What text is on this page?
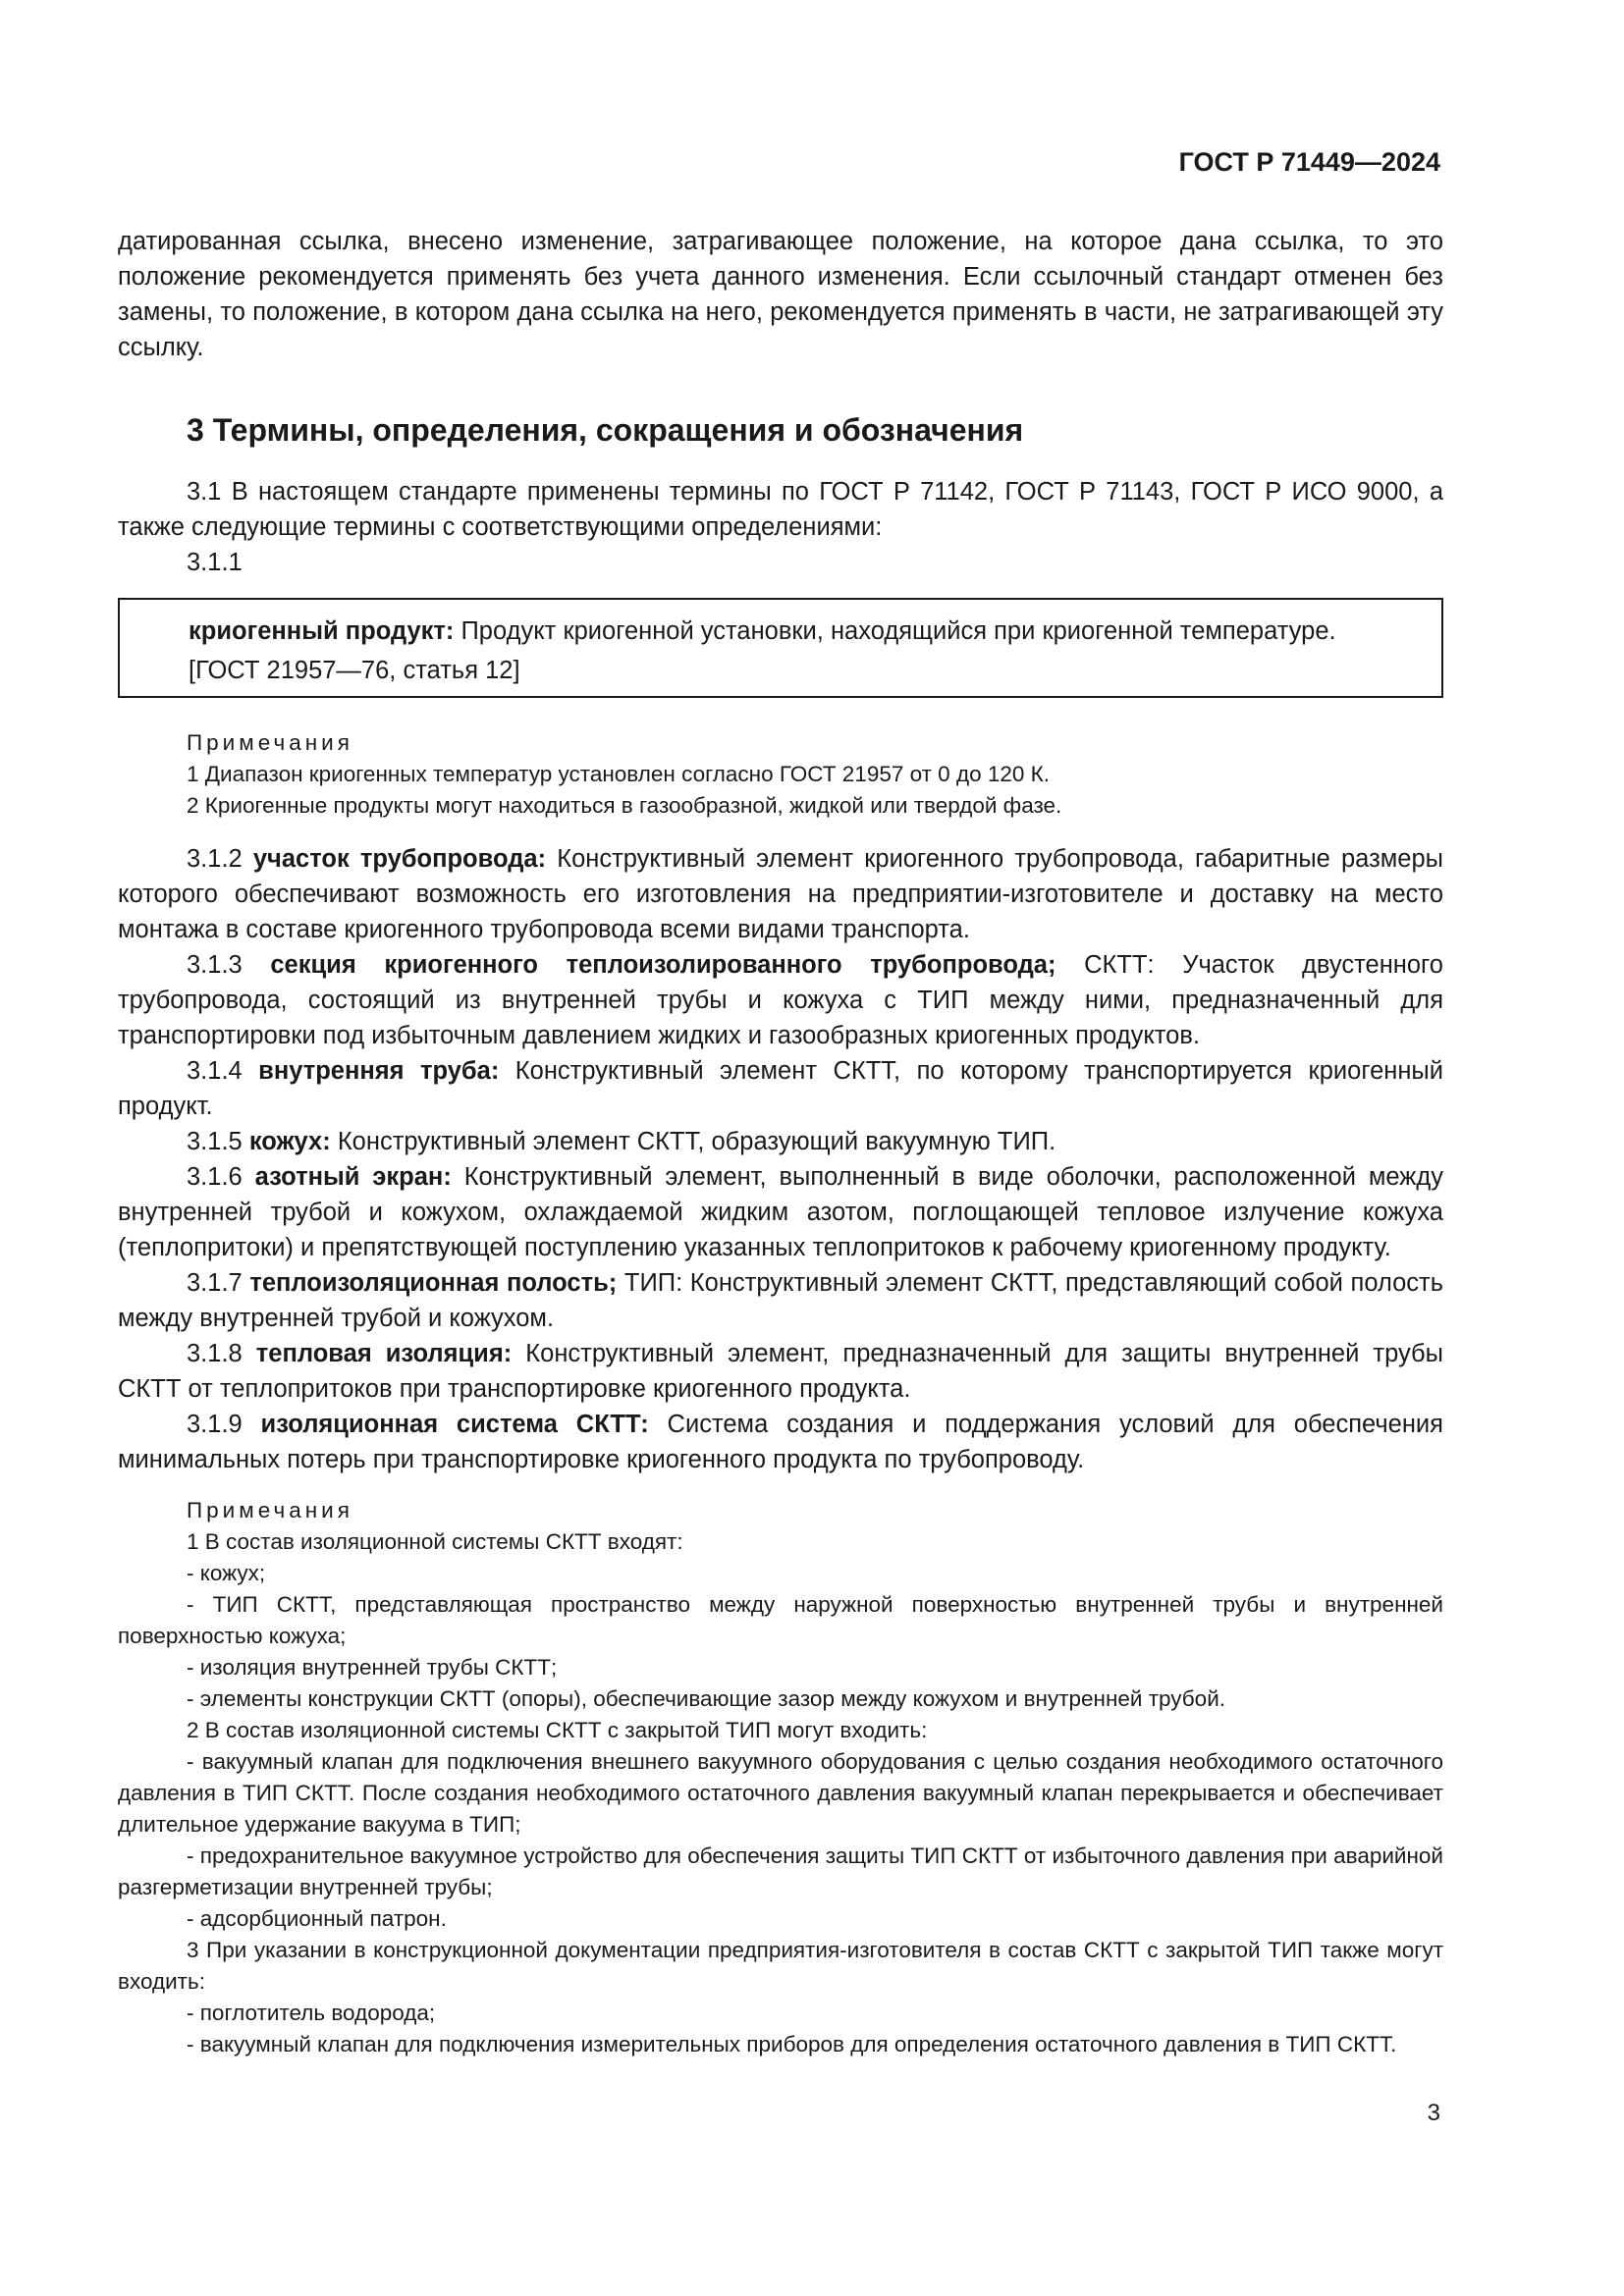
ГОСТ Р 71449—2024

датированная ссылка, внесено изменение, затрагивающее положение, на которое дана ссылка, то это положение рекомендуется применять без учета данного изменения. Если ссылочный стандарт отменен без замены, то положение, в котором дана ссылка на него, рекомендуется применять в части, не затрагивающей эту ссылку.

3 Термины, определения, сокращения и обозначения

3.1 В настоящем стандарте применены термины по ГОСТ Р 71142, ГОСТ Р 71143, ГОСТ Р ИСО 9000, а также следующие термины с соответствующими определениями:

3.1.1

криогенный продукт: Продукт криогенной установки, находящийся при криогенной температуре.

[ГОСТ 21957—76, статья 12]

Примечания

1 Диапазон криогенных температур установлен согласно ГОСТ 21957 от 0 до 120 К.

2 Криогенные продукты могут находиться в газообразной, жидкой или твердой фазе.

3.1.2 участок трубопровода: Конструктивный элемент криогенного трубопровода, габаритные размеры которого обеспечивают возможность его изготовления на предприятии-изготовителе и доставку на место монтажа в составе криогенного трубопровода всеми видами транспорта.

3.1.3 секция криогенного теплоизолированного трубопровода; СКТТ: Участок двустенного трубопровода, состоящий из внутренней трубы и кожуха с ТИП между ними, предназначенный для транспортировки под избыточным давлением жидких и газообразных криогенных продуктов.

3.1.4 внутренняя труба: Конструктивный элемент СКТТ, по которому транспортируется криогенный продукт.

3.1.5 кожух: Конструктивный элемент СКТТ, образующий вакуумную ТИП.

3.1.6 азотный экран: Конструктивный элемент, выполненный в виде оболочки, расположенной между внутренней трубой и кожухом, охлаждаемой жидким азотом, поглощающей тепловое излучение кожуха (теплопритоки) и препятствующей поступлению указанных теплопритоков к рабочему криогенному продукту.

3.1.7 теплоизоляционная полость; ТИП: Конструктивный элемент СКТТ, представляющий собой полость между внутренней трубой и кожухом.

3.1.8 тепловая изоляция: Конструктивный элемент, предназначенный для защиты внутренней трубы СКТТ от теплопритоков при транспортировке криогенного продукта.

3.1.9 изоляционная система СКТТ: Система создания и поддержания условий для обеспечения минимальных потерь при транспортировке криогенного продукта по трубопроводу.

Примечания

1 В состав изоляционной системы СКТТ входят:

- кожух;

- ТИП СКТТ, представляющая пространство между наружной поверхностью внутренней трубы и внутренней поверхностью кожуха;

- изоляция внутренней трубы СКТТ;

- элементы конструкции СКТТ (опоры), обеспечивающие зазор между кожухом и внутренней трубой.

2 В состав изоляционной системы СКТТ с закрытой ТИП могут входить:

- вакуумный клапан для подключения внешнего вакуумного оборудования с целью создания необходимого остаточного давления в ТИП СКТТ. После создания необходимого остаточного давления вакуумный клапан перекрывается и обеспечивает длительное удержание вакуума в ТИП;

- предохранительное вакуумное устройство для обеспечения защиты ТИП СКТТ от избыточного давления при аварийной разгерметизации внутренней трубы;

- адсорбционный патрон.

3 При указании в конструкционной документации предприятия-изготовителя в состав СКТТ с закрытой ТИП также могут входить:

- поглотитель водорода;

- вакуумный клапан для подключения измерительных приборов для определения остаточного давления в ТИП СКТТ.

3
